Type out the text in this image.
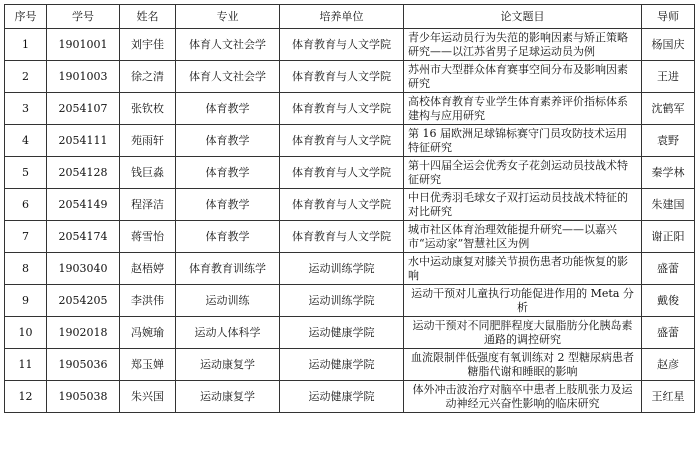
序号	学号	姓名	专业	培养单位	论文题目	导师
1	1901001	刘宇佳	体育人文社会学	体育教育与人文学院	青少年运动员行为失范的影响因素与矫正策略研究——以江苏省男子足球运动员为例	杨国庆
2	1901003	徐之清	体育人文社会学	体育教育与人文学院	苏州市大型群众体育赛事空间分布及影响因素研究	王进
3	2054107	张钦枚	体育教学	体育教育与人文学院	高校体育教育专业学生体育素养评价指标体系建构与应用研究	沈鹤军
4	2054111	苑雨轩	体育教学	体育教育与人文学院	第 16 届欧洲足球锦标赛守门员攻防技术运用特征研究	袁野
5	2054128	钱巨淼	体育教学	体育教育与人文学院	第十四届全运会优秀女子花剑运动员技战术特征研究	秦学林
6	2054149	程泽洁	体育教学	体育教育与人文学院	中日优秀羽毛球女子双打运动员技战术特征的对比研究	朱建国
7	2054174	蒋雪怡	体育教学	体育教育与人文学院	城市社区体育治理效能提升研究——以嘉兴市“运动家”智慧社区为例	谢正阳
8	1903040	赵梧婷	体育教育训练学	运动训练学院	水中运动康复对膝关节损伤患者功能恢复的影响	盛蕾
9	2054205	李洪伟	运动训练	运动训练学院	运动干预对儿童执行功能促进作用的 Meta 分析	戴俊
10	1902018	冯婉瑜	运动人体科学	运动健康学院	运动干预对不同肥胖程度大鼠脂肪分化胰岛素通路的调控研究	盛蕾
11	1905036	郑玉婵	运动康复学	运动健康学院	血流限制伴低强度有氧训练对 2 型糖尿病患者糖脂代谢和睡眠的影响	赵彦
12	1905038	朱兴国	运动康复学	运动健康学院	体外冲击波治疗对脑卒中患者上肢肌张力及运动神经元兴奋性影响的临床研究	王红星
